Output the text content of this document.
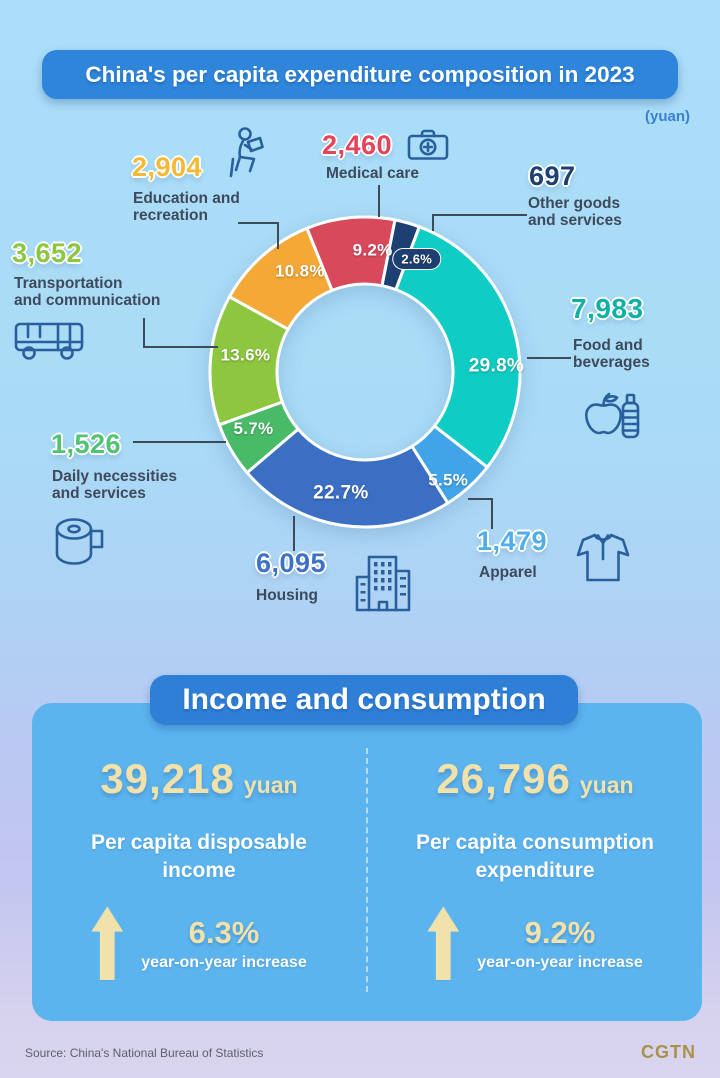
China's per capita expenditure composition in 2023
(yuan)
9.2% 2.6%
29.8%
5.5%
22.7%
5.7%
13.6%
10.8%
2,460
Medical care	697
Other goods
and services
7,983
Food and
beverages
1,479
Apparel
6,095
Housing
1,526
Daily necessities
and services
3,652
Transportation
and communication
2,904
Education and
recreation
Income and consumption
39,218 yuan
Per capita disposable
income
6.3%
year-on-year increase
26,796 yuan
Per capita consumption
expenditure
9.2%
year-on-year increase
Source: China's National Bureau of Statistics	CGTN
